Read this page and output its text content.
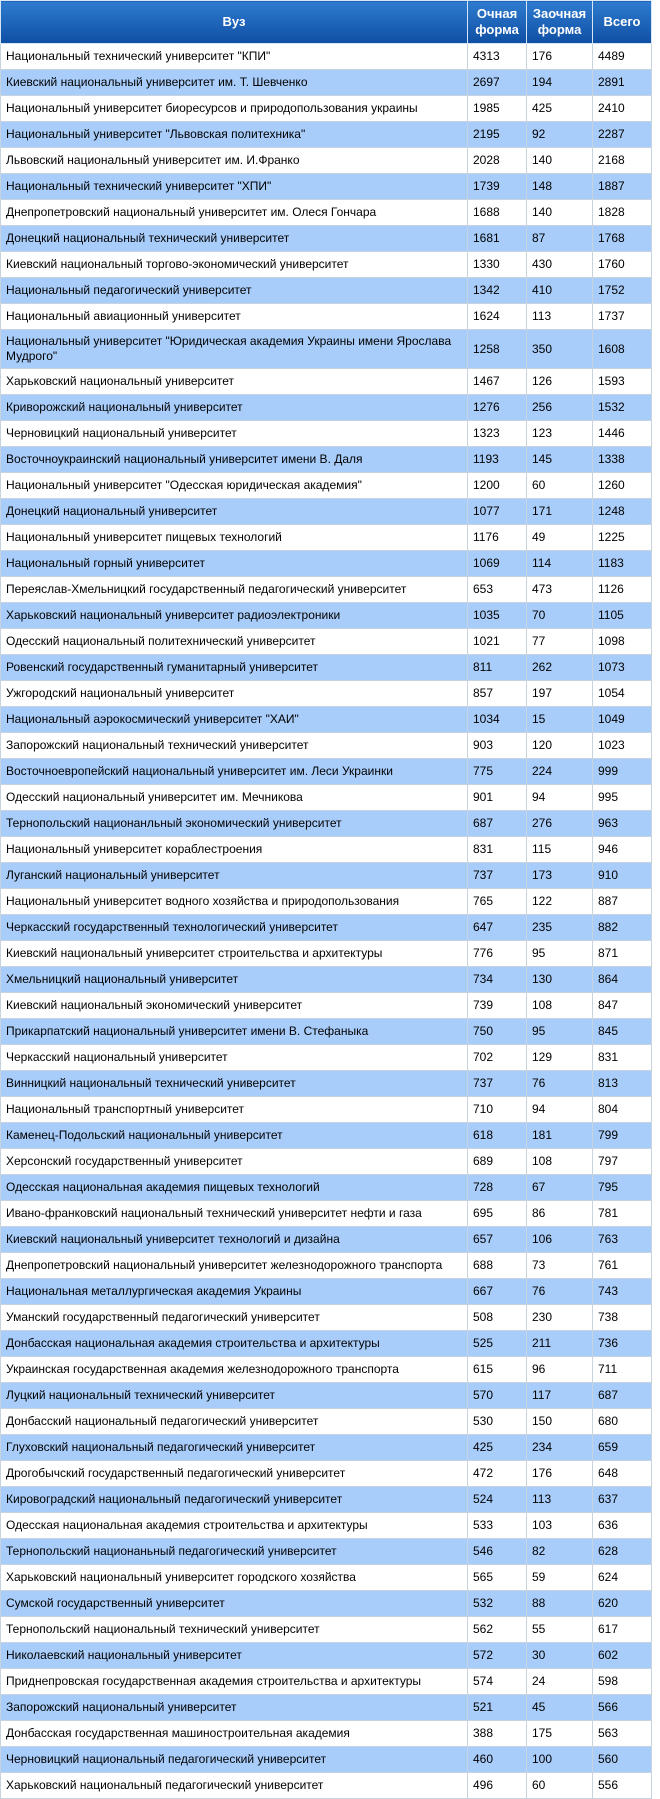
Вуз	Очная форма	Заочная форма	Всего
Национальный технический университет "КПИ"	4313	176	4489
Киевский национальный университет им. Т. Шевченко	2697	194	2891
Национальный университет биоресурсов и природопользования украины	1985	425	2410
Национальный университет "Львовская политехника"	2195	92	2287
Львовский национальный университет им. И.Франко	2028	140	2168
Национальный технический университет "ХПИ"	1739	148	1887
Днепропетровский национальный университет им. Олеся Гончара	1688	140	1828
Донецкий национальный технический университет	1681	87	1768
Киевский национальный торгово-экономический университет	1330	430	1760
Национальный педагогический университет	1342	410	1752
Национальный авиационный университет	1624	113	1737
Национальный университет "Юридическая академия Украины имени Ярослава Мудрого"	1258	350	1608
Харьковский национальный университет	1467	126	1593
Криворожский национальный университет	1276	256	1532
Черновицкий национальный университет	1323	123	1446
Восточноукраинский национальный университет имени В. Даля	1193	145	1338
Национальный университет "Одесская юридическая академия"	1200	60	1260
Донецкий национальный университет	1077	171	1248
Национальный университет пищевых технологий	1176	49	1225
Национальный горный университет	1069	114	1183
Переяслав-Хмельницкий государственный педагогический университет	653	473	1126
Харьковский национальный университет радиоэлектроники	1035	70	1105
Одесский национальный политехнический университет	1021	77	1098
Ровенский государственный гуманитарный университет	811	262	1073
Ужгородский национальный университет	857	197	1054
Национальный аэрокосмический университет "ХАИ"	1034	15	1049
Запорожский национальный технический университет	903	120	1023
Восточноевропейский национальный университет им. Леси Украинки	775	224	999
Одесский национальный университет им. Мечникова	901	94	995
Тернопольский национанльный экономический университет	687	276	963
Национальный университет кораблестроения	831	115	946
Луганский национальный университет	737	173	910
Национальный университет водного хозяйства и природопользования	765	122	887
Черкасский государственный технологический университет	647	235	882
Киевский национальный университет строительства и архитектуры	776	95	871
Хмельницкий национальный университет	734	130	864
Киевский национальный экономический университет	739	108	847
Прикарпатский национальный университет имени В. Стефаныка	750	95	845
Черкасский национальный университет	702	129	831
Винницкий национальный технический университет	737	76	813
Национальный транспортный университет	710	94	804
Каменец-Подольский национальный университет	618	181	799
Херсонский государственный университет	689	108	797
Одесская национальная академия пищевых технологий	728	67	795
Ивано-франковский национальный технический университет нефти и газа	695	86	781
Киевский национальный университет технологий и дизайна	657	106	763
Днепропетровский национальный университет железнодорожного транспорта	688	73	761
Национальная металлургическая академия Украины	667	76	743
Уманский государственный педагогический университет	508	230	738
Донбасская национальная академия строительства и архитектуры	525	211	736
Украинская государственная академия железнодорожного транспорта	615	96	711
Луцкий национальный технический университет	570	117	687
Донбасский национальный педагогический университет	530	150	680
Глуховский национальный педагогический университет	425	234	659
Дрогобычский государственный педагогический университет	472	176	648
Кировоградский национальный педагогический университет	524	113	637
Одесская национальная академия строительства и архитектуры	533	103	636
Тернопольский национаньный педагогический университет	546	82	628
Харьковский национальный университет городского хозяйства	565	59	624
Сумской государственный университет	532	88	620
Тернопольский национальный технический университет	562	55	617
Николаевский национальный университет	572	30	602
Приднепровская государственная академия строительства и архитектуры	574	24	598
Запорожский национальный университет	521	45	566
Донбасская государственная машиностроительная академия	388	175	563
Черновицкий национальный педагогический университет	460	100	560
Харьковский национальный педагогический университет	496	60	556
